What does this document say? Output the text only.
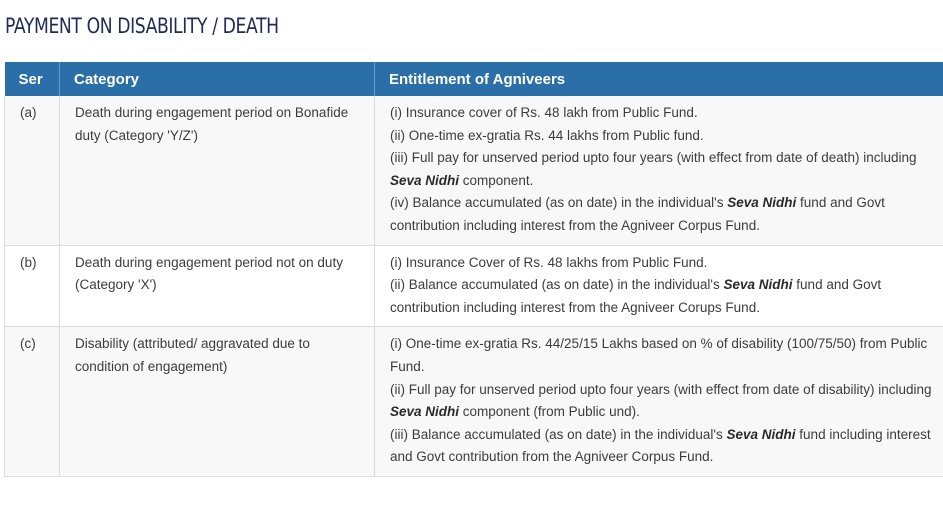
PAYMENT ON DISABILITY / DEATH
Ser	Category	Entitlement of Agniveers
(a)	Death during engagement period on Bonafide duty (Category 'Y/Z')	(i) Insurance cover of Rs. 48 lakh from Public Fund.
(ii) One-time ex-gratia Rs. 44 lakhs from Public fund.
(iii) Full pay for unserved period upto four years (with effect from date of death) including Seva Nidhi component.
(iv) Balance accumulated (as on date) in the individual's Seva Nidhi fund and Govt contribution including interest from the Agniveer Corpus Fund.

(b)	Death during engagement period not on duty (Category 'X')	(i) Insurance Cover of Rs. 48 lakhs from Public Fund.
(ii) Balance accumulated (as on date) in the individual's Seva Nidhi fund and Govt contribution including interest from the Agniveer Corups Fund.

(c)	Disability (attributed/ aggravated due to condition of engagement)	(i) One-time ex-gratia Rs. 44/25/15 Lakhs based on % of disability (100/75/50) from Public Fund.
(ii) Full pay for unserved period upto four years (with effect from date of disability) including Seva Nidhi component (from Public und).
(iii) Balance accumulated (as on date) in the individual's Seva Nidhi fund including interest and Govt contribution from the Agniveer Corpus Fund.
